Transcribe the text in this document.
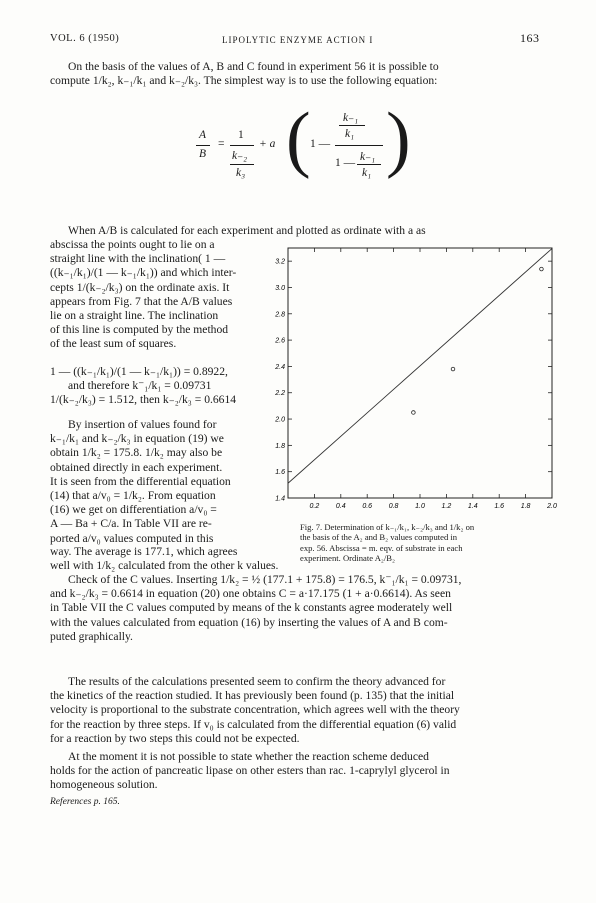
VOL. 6 (1950)	LIPOLYTIC ENZYME ACTION I	163
On the basis of the values of A, B and C found in experiment 56 it is possible to
compute 1/k₂, k₋₁/k₁ and k₋₂/k₃. The simplest way is to use the following equation:
A
B
=
1
k₋₂
k₃
+ a ( 1 —
k₋₁
k₁
1 — k₋₁
k₁ )
When A/B is calculated for each experiment and plotted as ordinate with a as
abscissa the points ought to lie on a
straight line with the inclination( 1 —
((k₋₁/k₁)/(1 — k₋₁/k₁)) and which inter-
cepts 1/(k₋₂/k₃) on the ordinate axis. It
appears from Fig. 7 that the A/B values
lie on a straight line. The inclination
of this line is computed by the method
of the least sum of squares.
1 — ((k₋₁/k₁)/(1 — k₋₁/k₁)) = 0.8922,
and therefore k⁻₁/k₁ = 0.09731
1/(k₋₂/k₃) = 1.512, then k₋₂/k₃ = 0.6614
By insertion of values found for
k₋₁/k₁ and k₋₂/k₃ in equation (19) we
obtain 1/k₂ = 175.8. 1/k₂ may also be
obtained directly in each experiment.
It is seen from the differential equation
(14) that a/v₀ = 1/k₂. From equation
(16) we get on differentiation a/v₀ =
A — Ba + C/a. In Table VII are re-
ported a/v₀ values computed in this
0.2 0.4 0.6 0.8 1.0 1.2 1.4 1.6 1.8 2.0
1.4
1.6
1.8
2.0
2.2
2.4
2.6
2.8
3.0
3.2
Fig. 7. Determination of k₋₁/k₁, k₋₂/k₃ and 1/k₂ on
the basis of the A₂ and B₂ values computed in
exp. 56. Abscissa = m. eqv. of substrate in each
experiment. Ordinate A₂/B₂
way. The average is 177.1, which agrees
well with 1/k₂ calculated from the other k values.
Check of the C values. Inserting 1/k₂ = ½ (177.1 + 175.8) = 176.5, k⁻₁/k₁ = 0.09731,
and k₋₂/k₃ = 0.6614 in equation (20) one obtains C = a·17.175 (1 + a·0.6614). As seen
in Table VII the C values computed by means of the k constants agree moderately well
with the values calculated from equation (16) by inserting the values of A and B com-
puted graphically.
The results of the calculations presented seem to confirm the theory advanced for
the kinetics of the reaction studied. It has previously been found (p. 135) that the initial
velocity is proportional to the substrate concentration, which agrees well with the theory
for the reaction by three steps. If v₀ is calculated from the differential equation (6) valid
for a reaction by two steps this could not be expected.
At the moment it is not possible to state whether the reaction scheme deduced
holds for the action of pancreatic lipase on other esters than rac. 1-caprylyl glycerol in
homogeneous solution.
References p. 165.
